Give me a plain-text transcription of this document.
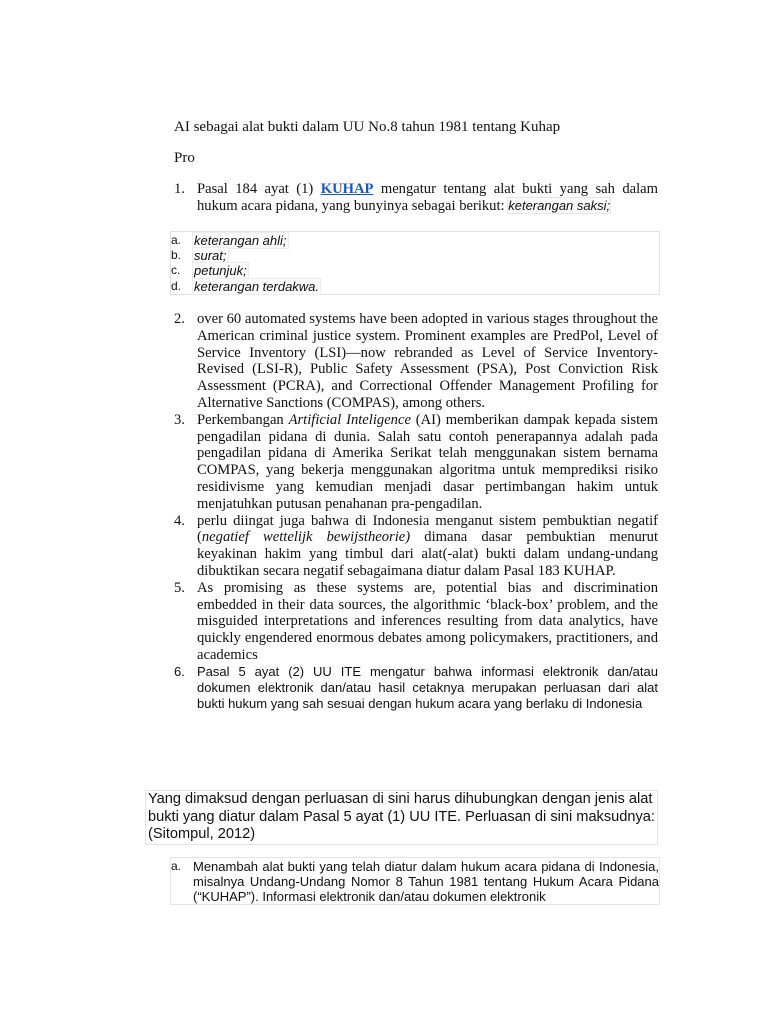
AI sebagai alat bukti dalam UU No.8 tahun 1981 tentang Kuhap
Pro
1. Pasal 184 ayat (1) KUHAP mengatur tentang alat bukti yang sah dalam hukum acara pidana, yang bunyinya sebagai berikut: keterangan saksi;
a. keterangan ahli;
b. surat;
c.	petunjuk;
d. keterangan terdakwa.
2. over 60 automated systems have been adopted in various stages throughout the American criminal justice system. Prominent examples are PredPol, Level of Service Inventory (LSI)—now rebranded as Level of Service Inventory-Revised (LSI-R), Public Safety Assessment (PSA), Post Conviction Risk Assessment (PCRA), and Correctional Offender Management Profiling for Alternative Sanctions (COMPAS), among others.
3. Perkembangan Artificial Inteligence (AI) memberikan dampak kepada sistem pengadilan pidana di dunia. Salah satu contoh penerapannya adalah pada pengadilan pidana di Amerika Serikat telah menggunakan sistem bernama COMPAS, yang bekerja menggunakan algoritma untuk memprediksi risiko residivisme yang kemudian menjadi dasar pertimbangan hakim untuk menjatuhkan putusan penahanan pra-pengadilan.
4. perlu diingat juga bahwa di Indonesia menganut sistem pembuktian negatif (negatief wettelijk bewijstheorie) dimana dasar pembuktian menurut keyakinan hakim yang timbul dari alat(-alat) bukti dalam undang-undang dibuktikan secara negatif sebagaimana diatur dalam Pasal 183 KUHAP.
5. As promising as these systems are, potential bias and discrimination embedded in their data sources, the algorithmic ‘black-box’ problem, and the misguided interpretations and inferences resulting from data analytics, have quickly engendered enormous debates among policymakers, practitioners, and academics
6. Pasal 5 ayat (2) UU ITE mengatur bahwa informasi elektronik dan/atau dokumen elektronik dan/atau hasil cetaknya merupakan perluasan dari alat bukti hukum yang sah sesuai dengan hukum acara yang berlaku di Indonesia
Yang dimaksud dengan perluasan di sini harus dihubungkan dengan jenis alat bukti yang diatur dalam Pasal 5 ayat (1) UU ITE. Perluasan di sini maksudnya: (Sitompul, 2012)
a. Menambah alat bukti yang telah diatur dalam hukum acara pidana di Indonesia, misalnya Undang-Undang Nomor 8 Tahun 1981 tentang Hukum Acara Pidana (“KUHAP”). Informasi elektronik dan/atau dokumen elektronik
